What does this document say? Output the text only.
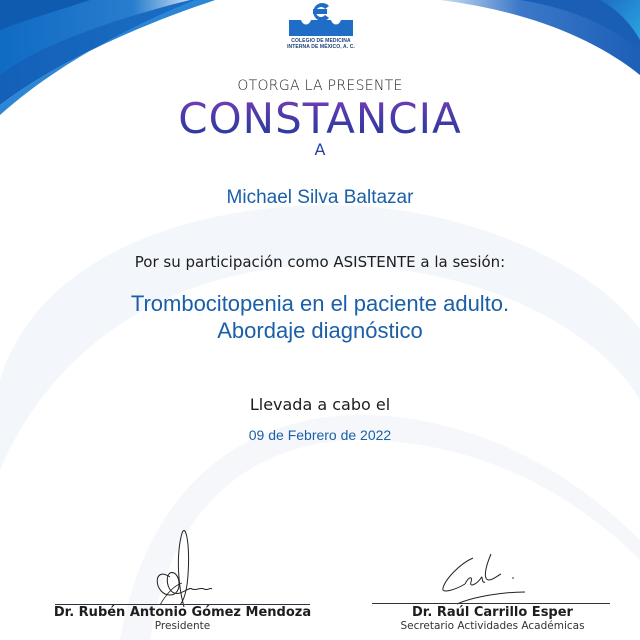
COLEGIO DE MEDICINA
INTERNA DE MÉXICO, A. C.
OTORGA LA PRESENTE
CONSTANCIA
A
Michael Silva Baltazar
Por su participación como ASISTENTE a la sesión:
Trombocitopenia en el paciente adulto.
Abordaje diagnóstico
Llevada a cabo el
09 de Febrero de 2022
Dr. Rubén Antonio Gómez Mendoza
Presidente
Dr. Raúl Carrillo Esper
Secretario Actividades Académicas
